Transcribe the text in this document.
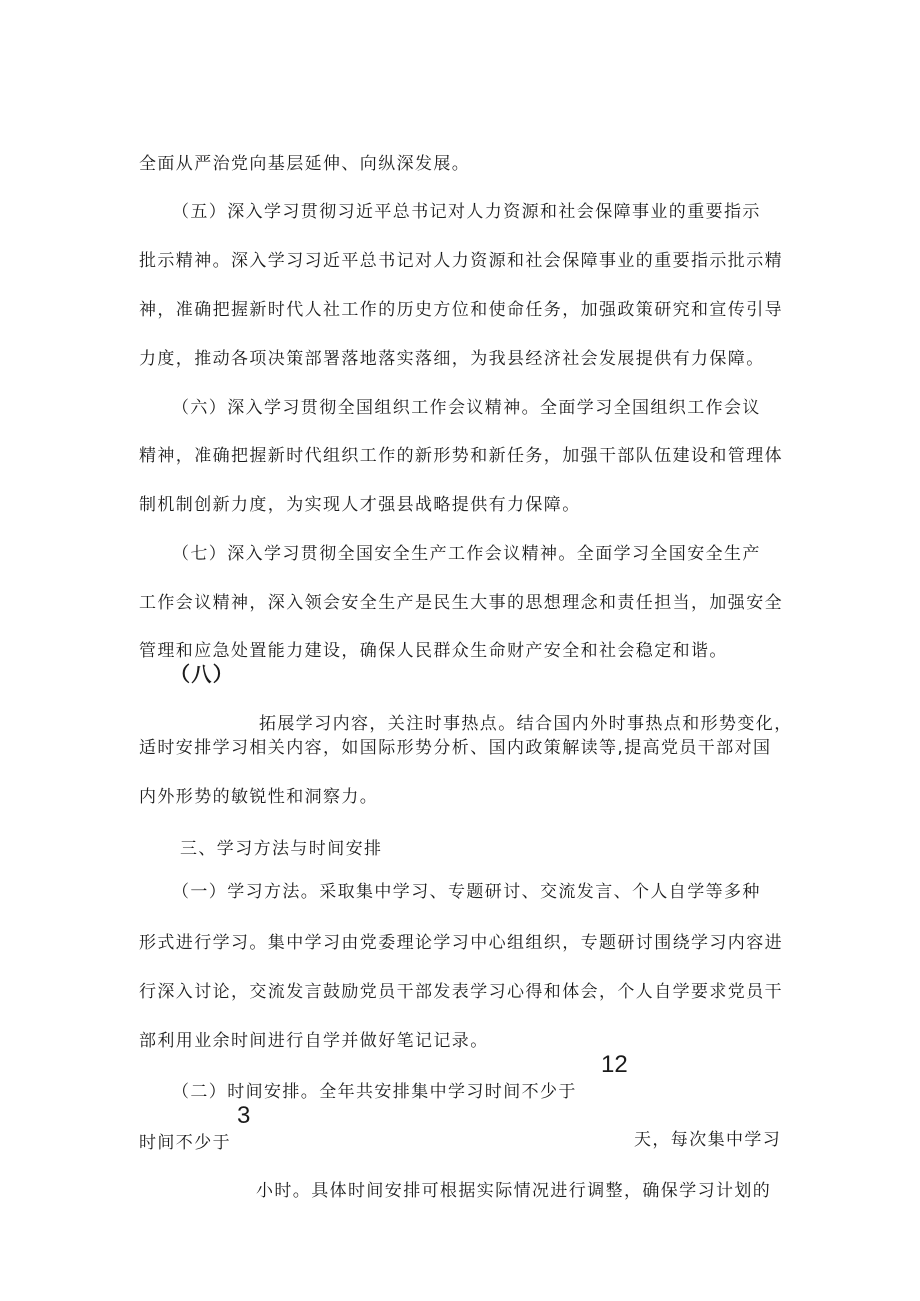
全面从严治党向基层延伸、向纵深发展。

（五）深入学习贯彻习近平总书记对人力资源和社会保障事业的重要指示

批示精神。深入学习习近平总书记对人力资源和社会保障事业的重要指示批示精

神，准确把握新时代人社工作的历史方位和使命任务，加强政策研究和宣传引导

力度，推动各项决策部署落地落实落细，为我县经济社会发展提供有力保障。

（六）深入学习贯彻全国组织工作会议精神。全面学习全国组织工作会议

精神，准确把握新时代组织工作的新形势和新任务，加强干部队伍建设和管理体

制机制创新力度，为实现人才强县战略提供有力保障。

（七）深入学习贯彻全国安全生产工作会议精神。全面学习全国安全生产

工作会议精神，深入领会安全生产是民生大事的思想理念和责任担当，加强安全

管理和应急处置能力建设，确保人民群众生命财产安全和社会稳定和谐。

（八）

拓展学习内容，关注时事热点。结合国内外时事热点和形势变化，

适时安排学习相关内容，如国际形势分析、国内政策解读等,提高党员干部对国

内外形势的敏锐性和洞察力。

三、学习方法与时间安排

（一）学习方法。采取集中学习、专题研讨、交流发言、个人自学等多种

形式进行学习。集中学习由党委理论学习中心组组织，专题研讨围绕学习内容进

行深入讨论，交流发言鼓励党员干部发表学习心得和体会，个人自学要求党员干

部利用业余时间进行自学并做好笔记记录。

（二）时间安排。全年共安排集中学习时间不少于

12

天，每次集中学习

时间不少于

3

小时。具体时间安排可根据实际情况进行调整，确保学习计划的
